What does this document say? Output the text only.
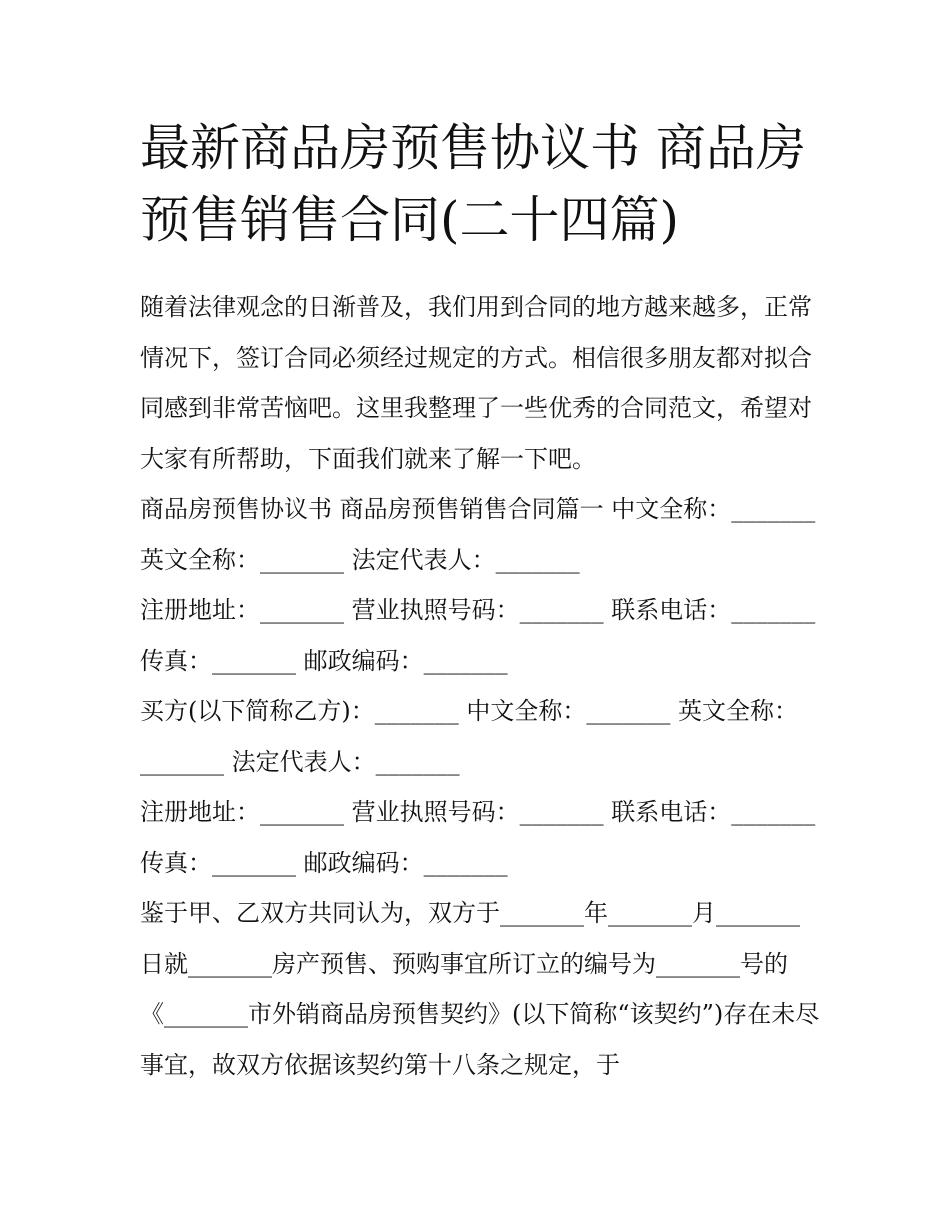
最新商品房预售协议书 商品房预售销售合同(二十四篇)

随着法律观念的日渐普及，我们用到合同的地方越来越多，正常情况下，签订合同必须经过规定的方式。相信很多朋友都对拟合同感到非常苦恼吧。这里我整理了一些优秀的合同范文，希望对大家有所帮助，下面我们就来了解一下吧。

商品房预售协议书 商品房预售销售合同篇一 中文全称：_______ 英文全称：_______ 法定代表人：_______

注册地址：_______ 营业执照号码：_______ 联系电话：_______ 传真：_______ 邮政编码：_______

买方(以下简称乙方)：_______ 中文全称：_______ 英文全称：_______ 法定代表人：_______

注册地址：_______ 营业执照号码：_______ 联系电话：_______ 传真：_______ 邮政编码：_______

鉴于甲、乙双方共同认为，双方于_______年_______月_______日就_______房产预售、预购事宜所订立的编号为_______号的《_______市外销商品房预售契约》(以下简称“该契约”)存在未尽事宜，故双方依据该契约第十八条之规定，于
